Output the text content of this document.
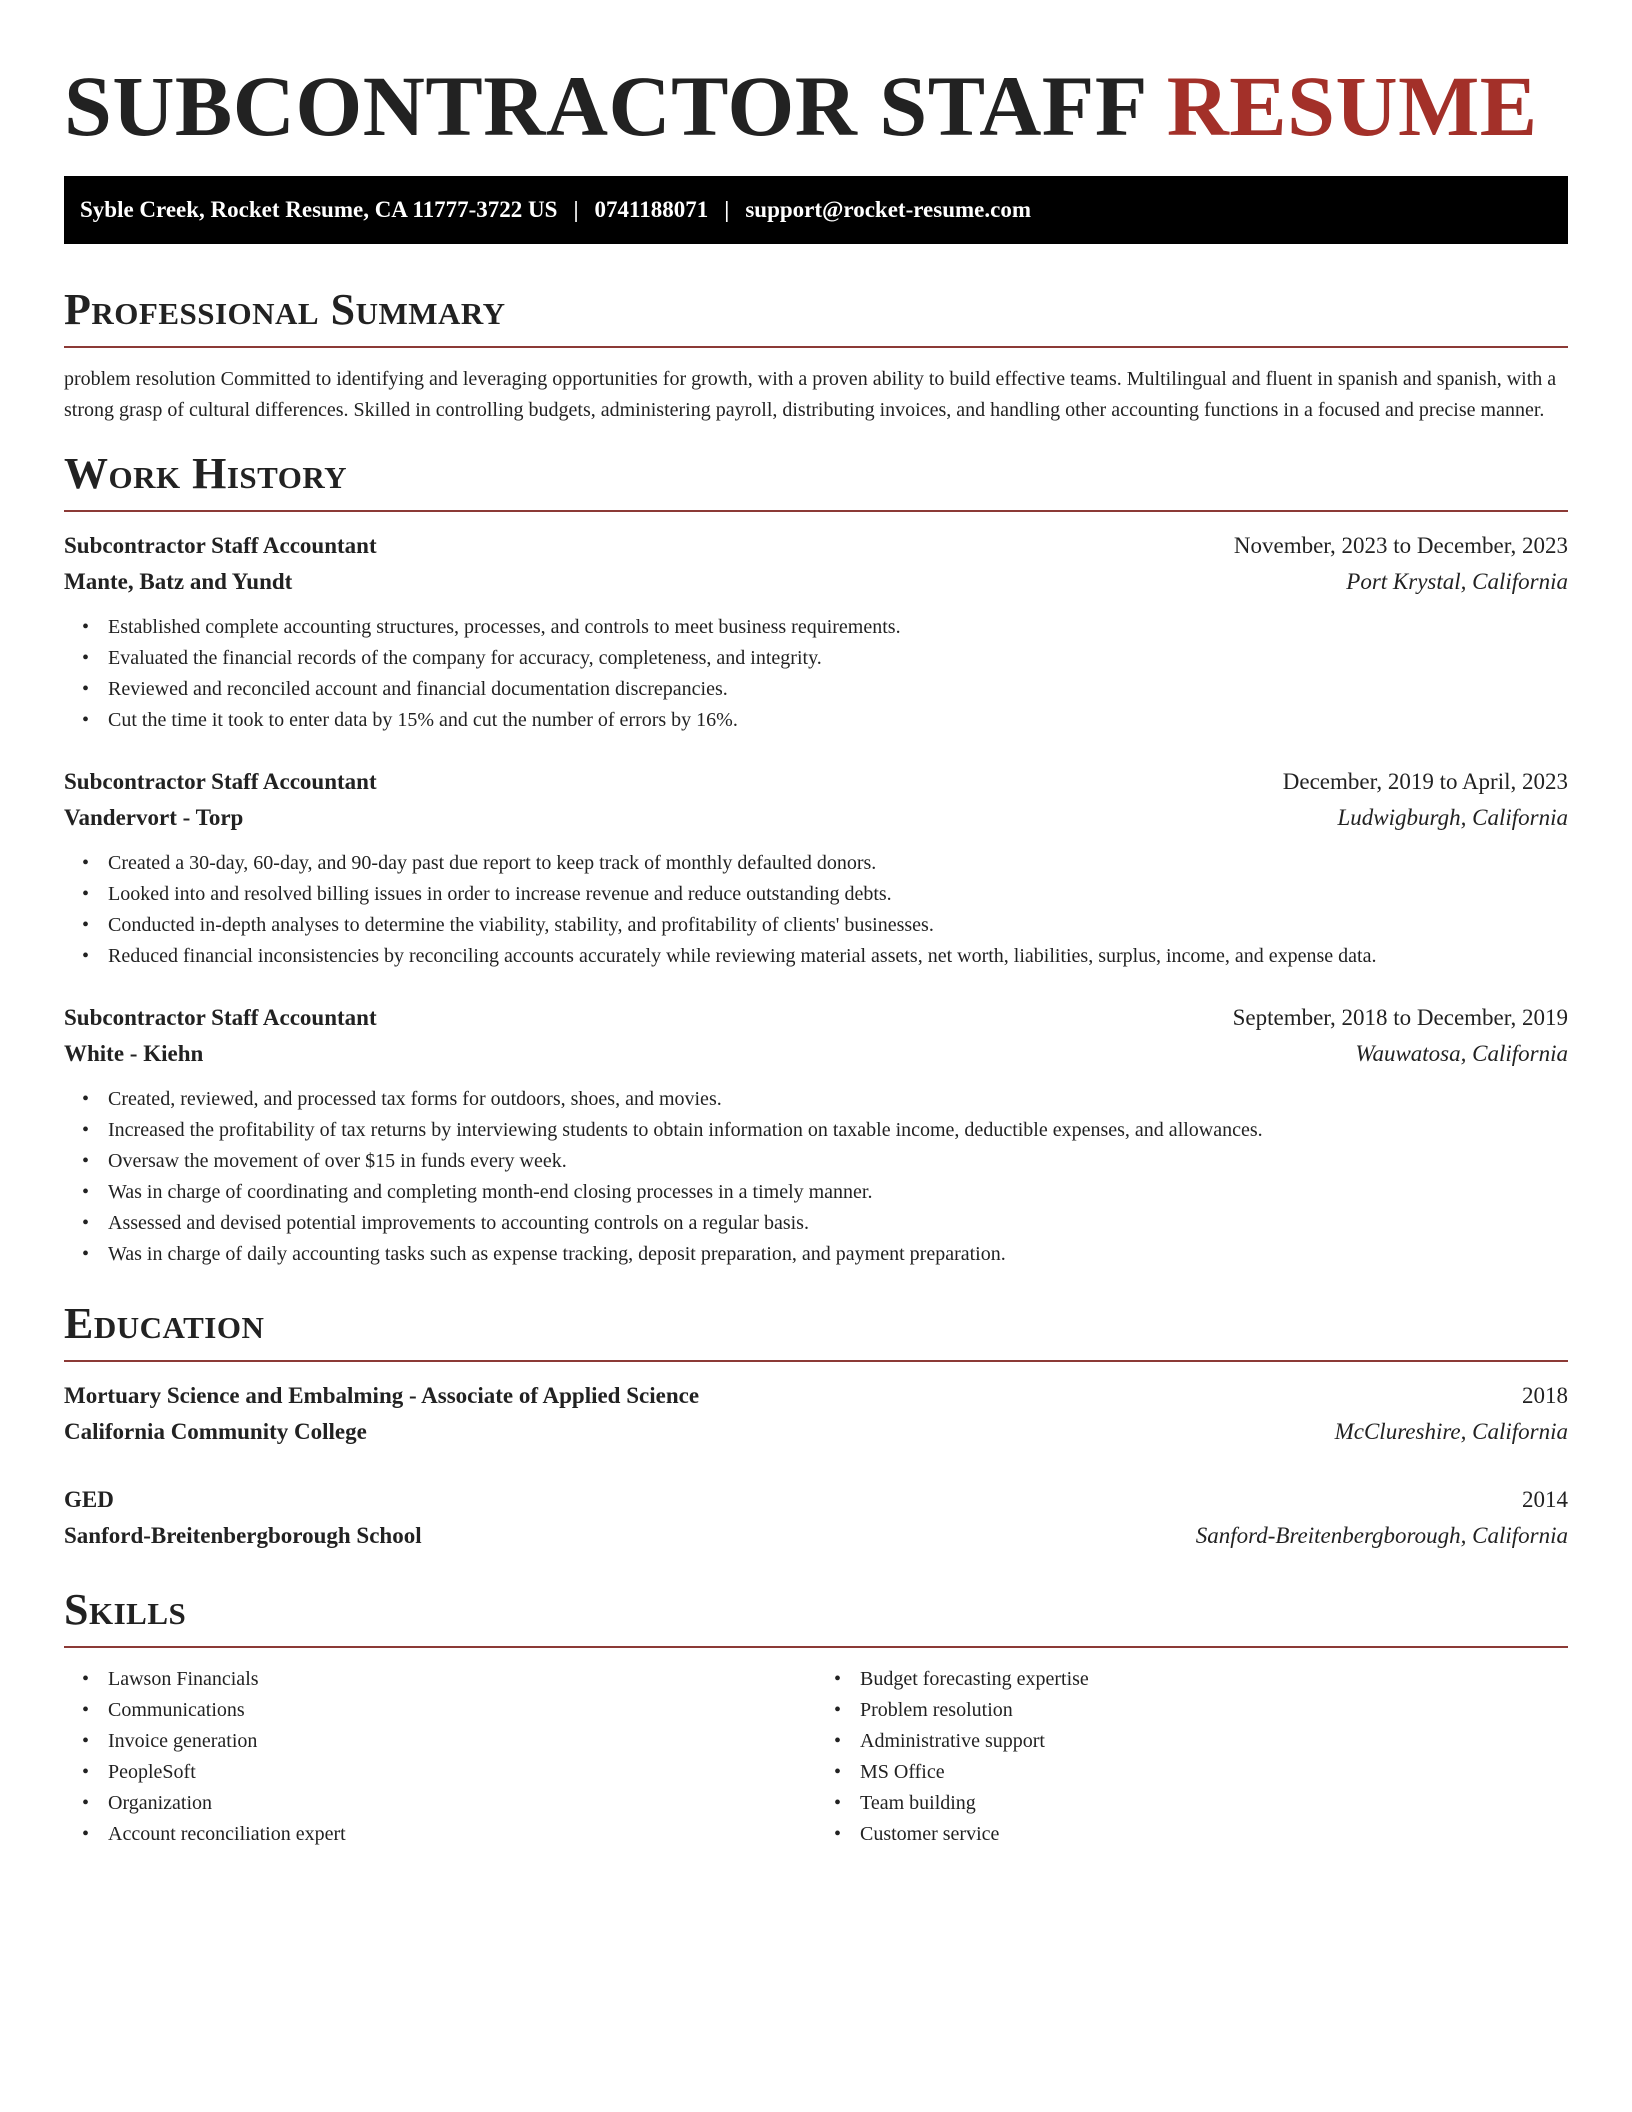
SUBCONTRACTOR STAFF RESUME
Syble Creek, Rocket Resume, CA 11777-3722 US | 0741188071 | support@rocket-resume.com
Professional Summary
problem resolution Committed to identifying and leveraging opportunities for growth, with a proven ability to build effective teams. Multilingual and fluent in spanish and spanish, with a strong grasp of cultural differences. Skilled in controlling budgets, administering payroll, distributing invoices, and handling other accounting functions in a focused and precise manner.
Work History
Subcontractor Staff Accountant	November, 2023 to December, 2023
Mante, Batz and Yundt	Port Krystal, California
• Established complete accounting structures, processes, and controls to meet business requirements.
• Evaluated the financial records of the company for accuracy, completeness, and integrity.
• Reviewed and reconciled account and financial documentation discrepancies.
• Cut the time it took to enter data by 15% and cut the number of errors by 16%.
Subcontractor Staff Accountant	December, 2019 to April, 2023
Vandervort - Torp	Ludwigburgh, California
• Created a 30-day, 60-day, and 90-day past due report to keep track of monthly defaulted donors.
• Looked into and resolved billing issues in order to increase revenue and reduce outstanding debts.
• Conducted in-depth analyses to determine the viability, stability, and profitability of clients' businesses.
• Reduced financial inconsistencies by reconciling accounts accurately while reviewing material assets, net worth, liabilities, surplus, income, and expense data.
Subcontractor Staff Accountant	September, 2018 to December, 2019
White - Kiehn	Wauwatosa, California
• Created, reviewed, and processed tax forms for outdoors, shoes, and movies.
• Increased the profitability of tax returns by interviewing students to obtain information on taxable income, deductible expenses, and allowances.
• Oversaw the movement of over $15 in funds every week.
• Was in charge of coordinating and completing month-end closing processes in a timely manner.
• Assessed and devised potential improvements to accounting controls on a regular basis.
• Was in charge of daily accounting tasks such as expense tracking, deposit preparation, and payment preparation.
Education
Mortuary Science and Embalming - Associate of Applied Science	2018
California Community College	McClureshire, California
GED	2014
Sanford-Breitenbergborough School	Sanford-Breitenbergborough, California
Skills
• Lawson Financials
• Communications
• Invoice generation
• PeopleSoft
• Organization
• Account reconciliation expert
• Budget forecasting expertise
• Problem resolution
• Administrative support
• MS Office
• Team building
• Customer service
